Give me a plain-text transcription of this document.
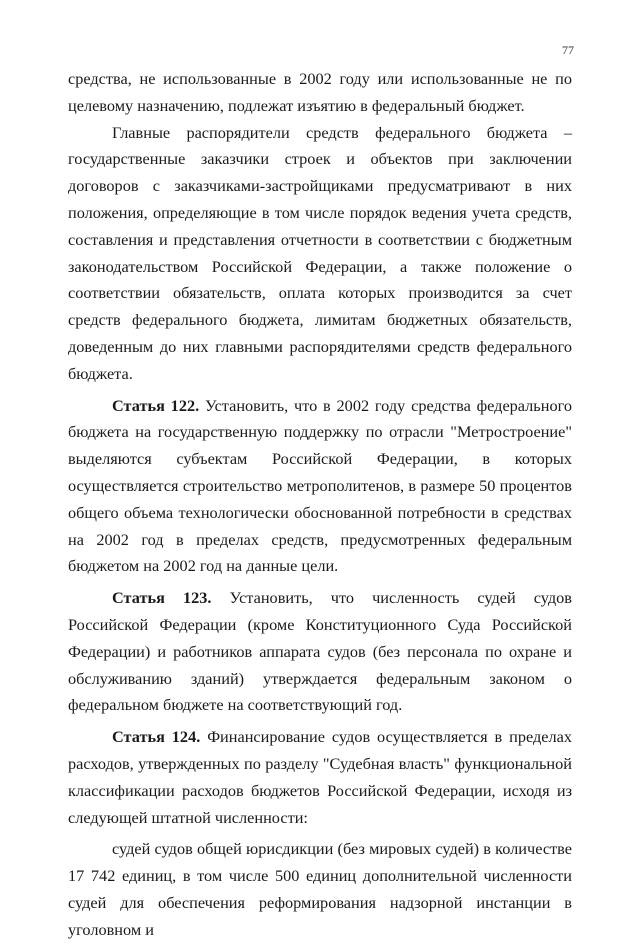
77

средства, не использованные в 2002 году или использованные не по целевому назначению, подлежат изъятию в федеральный бюджет.

Главные распорядители средств федерального бюджета – государственные заказчики строек и объектов при заключении договоров с заказчиками-застройщиками предусматривают в них положения, определяющие в том числе порядок ведения учета средств, составления и представления отчетности в соответствии с бюджетным законодательством Российской Федерации, а также положение о соответствии обязательств, оплата которых производится за счет средств федерального бюджета, лимитам бюджетных обязательств, доведенным до них главными распорядителями средств федерального бюджета.

Статья 122. Установить, что в 2002 году средства федерального бюджета на государственную поддержку по отрасли "Метростроение" выделяются субъектам Российской Федерации, в которых осуществляется строительство метрополитенов, в размере 50 процентов общего объема технологически обоснованной потребности в средствах на 2002 год в пределах средств, предусмотренных федеральным бюджетом на 2002 год на данные цели.

Статья 123. Установить, что численность судей судов Российской Федерации (кроме Конституционного Суда Российской Федерации) и работников аппарата судов (без персонала по охране и обслуживанию зданий) утверждается федеральным законом о федеральном бюджете на соответствующий год.

Статья 124. Финансирование судов осуществляется в пределах расходов, утвержденных по разделу "Судебная власть" функциональной классификации расходов бюджетов Российской Федерации, исходя из следующей штатной численности:

судей судов общей юрисдикции (без мировых судей) в количестве 17 742 единиц, в том числе 500 единиц дополнительной численности судей для обеспечения реформирования надзорной инстанции в уголовном и
